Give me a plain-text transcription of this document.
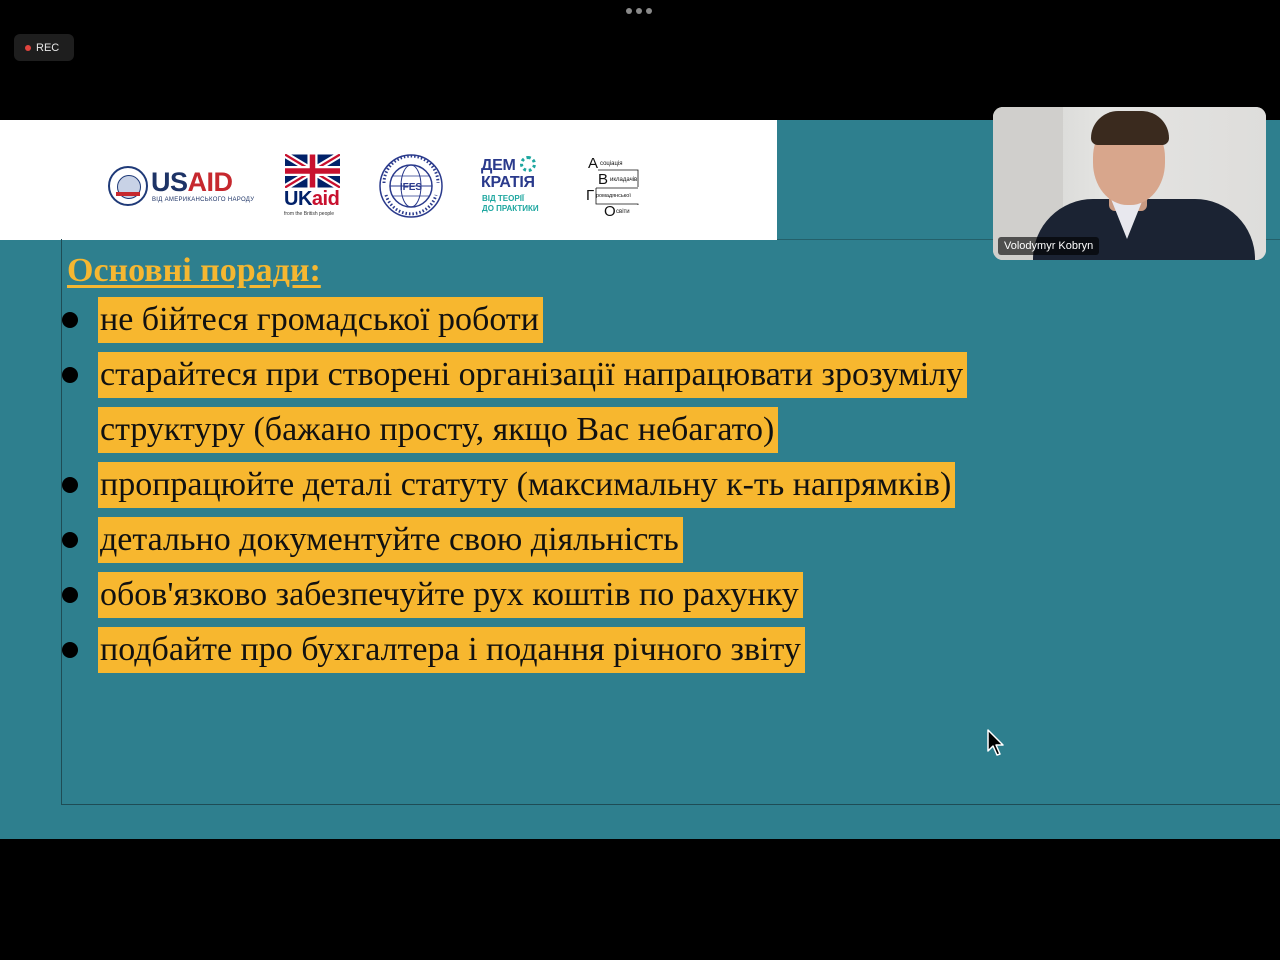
REC
USAID
ВІД АМЕРИКАНСЬКОГО НАРОДУ UKaid
from the British people
IFES
ДЕМ
КРАТІЯ
ВІД ТЕОРІЇ
ДО ПРАКТИКИ
А соціація
В икладачів
Г ромадянської
О світи
Основні поради:
не бійтеся громадської роботи
старайтеся при створені організації напрацювати зрозумілу
структуру (бажано просту, якщо Вас небагато)
пропрацюйте деталі статуту (максимальну к-ть напрямків)
детально документуйте свою діяльність
обов'язково забезпечуйте рух коштів по рахунку
подбайте про бухгалтера і подання річного звіту
Volodymyr Kobryn
